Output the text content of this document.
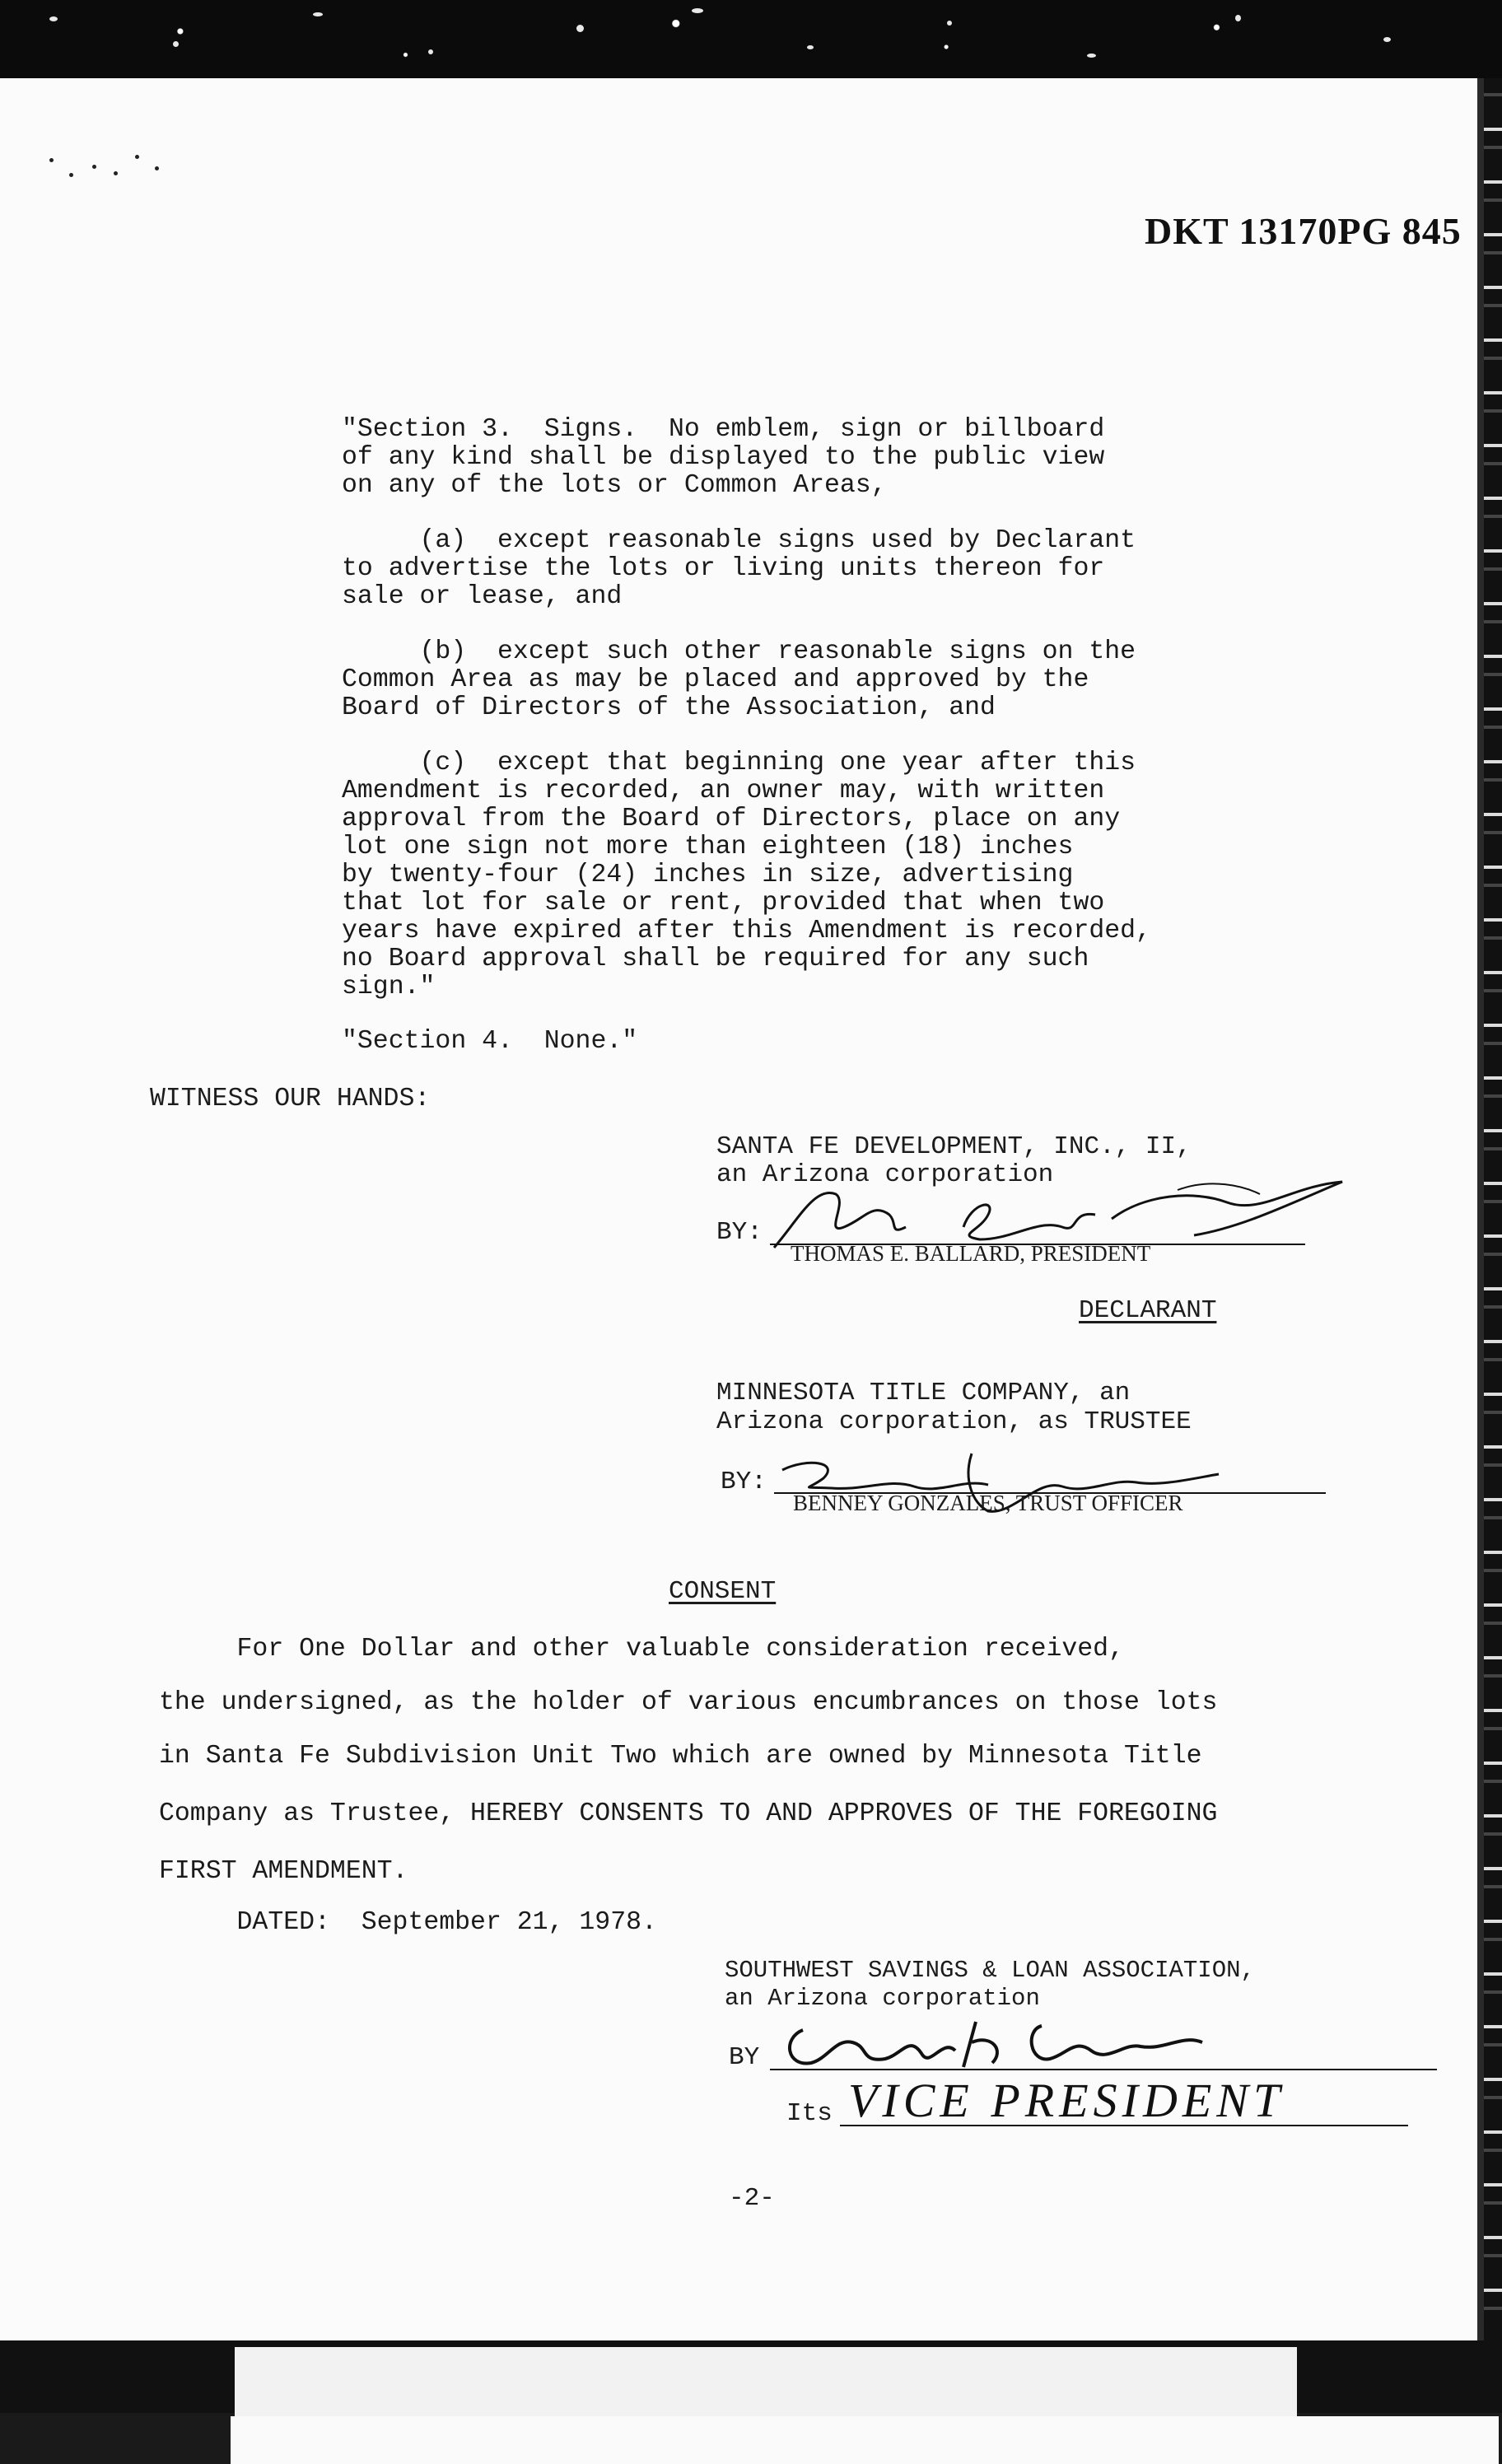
DKT 13170PG 845
"Section 3.  Signs.  No emblem, sign or billboard
of any kind shall be displayed to the public view
on any of the lots or Common Areas,
(a)  except reasonable signs used by Declarant
to advertise the lots or living units thereon for
sale or lease, and
(b)  except such other reasonable signs on the
Common Area as may be placed and approved by the
Board of Directors of the Association, and
(c)  except that beginning one year after this
Amendment is recorded, an owner may, with written
approval from the Board of Directors, place on any
lot one sign not more than eighteen (18) inches
by twenty-four (24) inches in size, advertising
that lot for sale or rent, provided that when two
years have expired after this Amendment is recorded,
no Board approval shall be required for any such
sign."
"Section 4.  None."
WITNESS OUR HANDS:
SANTA FE DEVELOPMENT, INC., II,
an Arizona corporation
BY:
THOMAS E. BALLARD, PRESIDENT
DECLARANT
MINNESOTA TITLE COMPANY, an
Arizona corporation, as TRUSTEE
BY:
BENNEY GONZALES, TRUST OFFICER
CONSENT
For One Dollar and other valuable consideration received,
the undersigned, as the holder of various encumbrances on those lots
in Santa Fe Subdivision Unit Two which are owned by Minnesota Title
Company as Trustee, HEREBY CONSENTS TO AND APPROVES OF THE FOREGOING
FIRST AMENDMENT.
DATED:  September 21, 1978.
SOUTHWEST SAVINGS & LOAN ASSOCIATION,
an Arizona corporation
BY
Its VICE PRESIDENT
-2-
